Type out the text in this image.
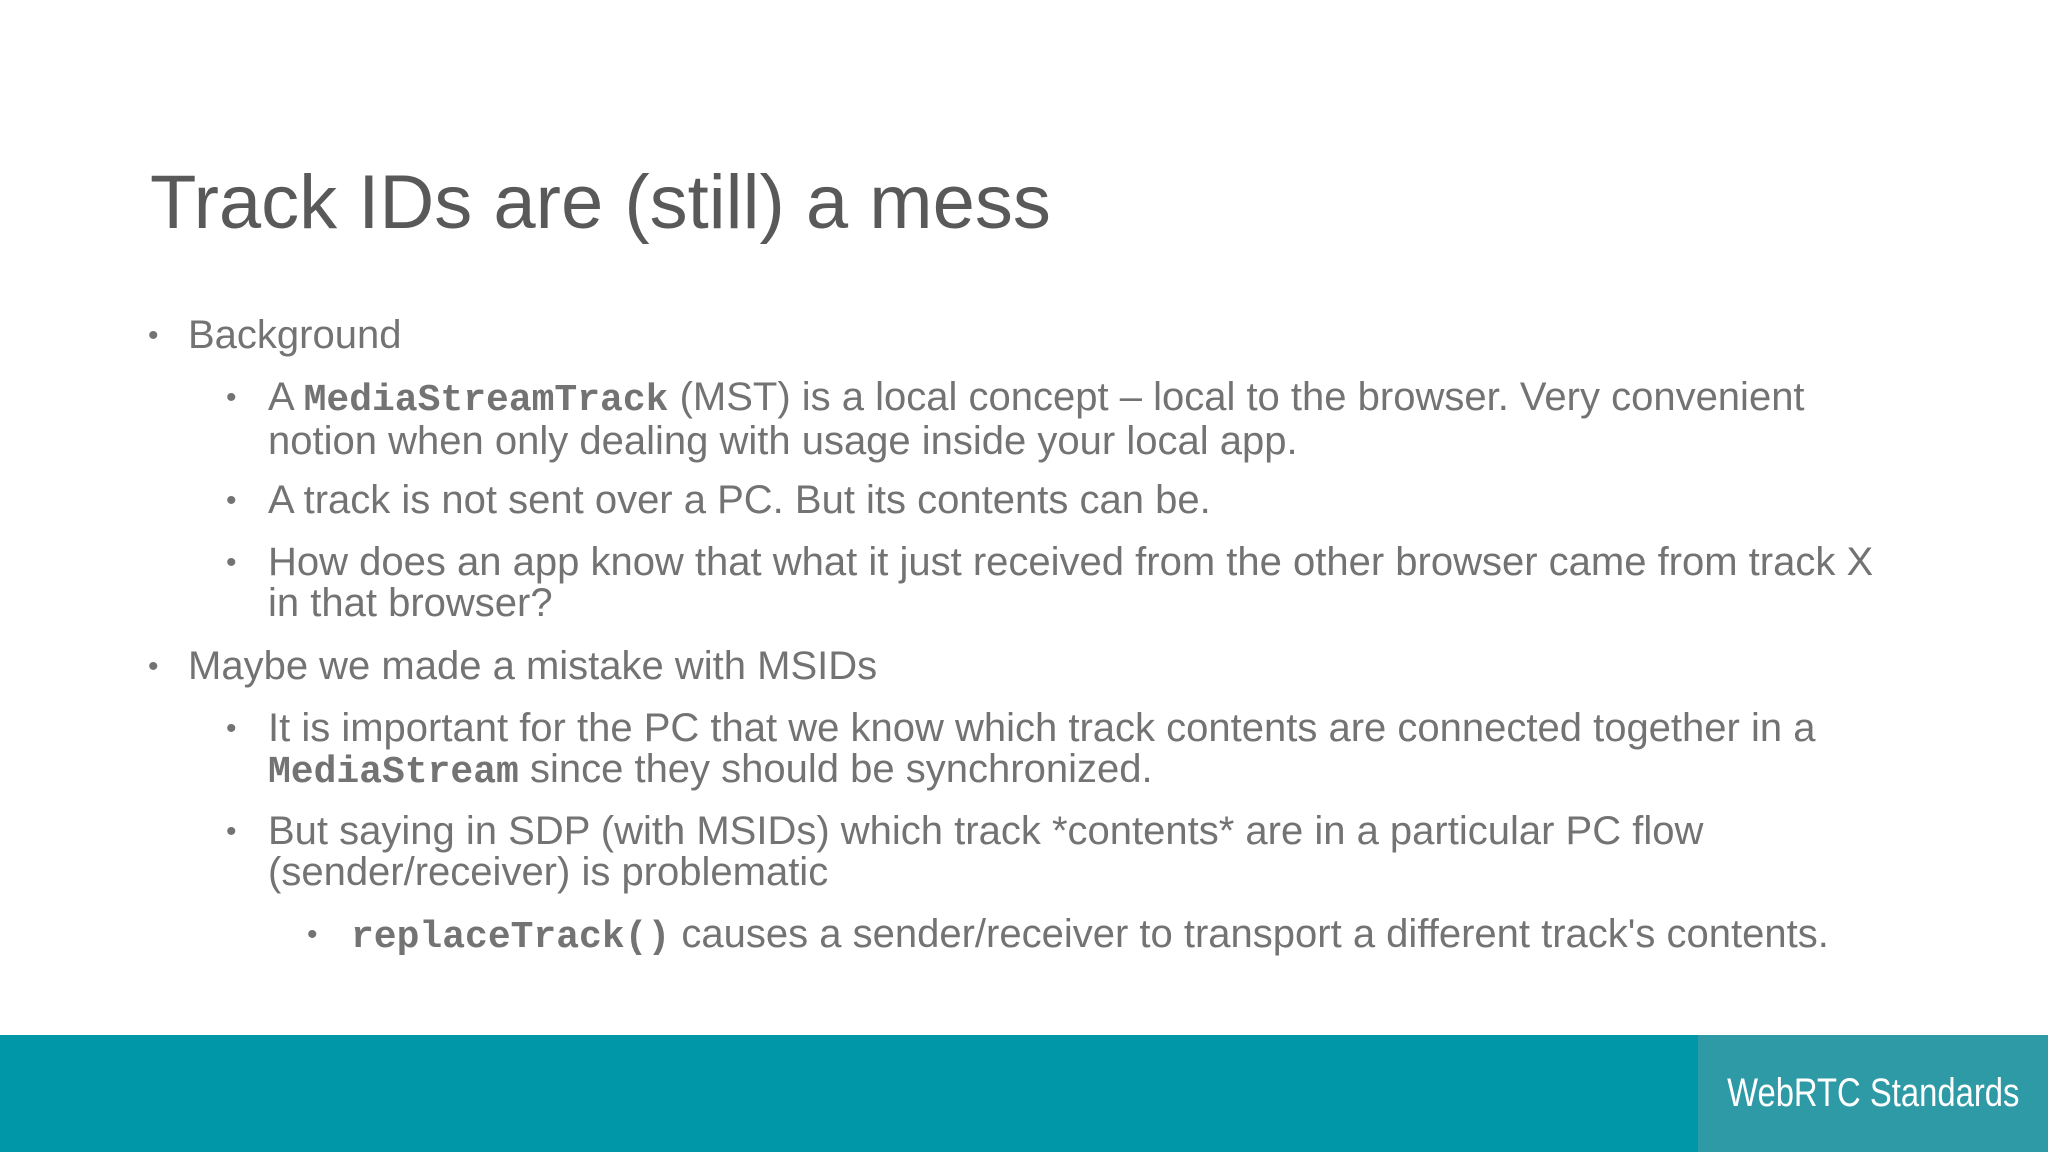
Track IDs are (still) a mess
• Background
• A MediaStreamTrack (MST) is a local concept – local to the browser. Very convenient notion when only dealing with usage inside your local app.
• A track is not sent over a PC. But its contents can be.
• How does an app know that what it just received from the other browser came from track X in that browser?
• Maybe we made a mistake with MSIDs
• It is important for the PC that we know which track contents are connected together in a MediaStream since they should be synchronized.
• But saying in SDP (with MSIDs) which track *contents* are in a particular PC flow (sender/receiver) is problematic
• replaceTrack() causes a sender/receiver to transport a different track's contents.
WebRTC Standards
